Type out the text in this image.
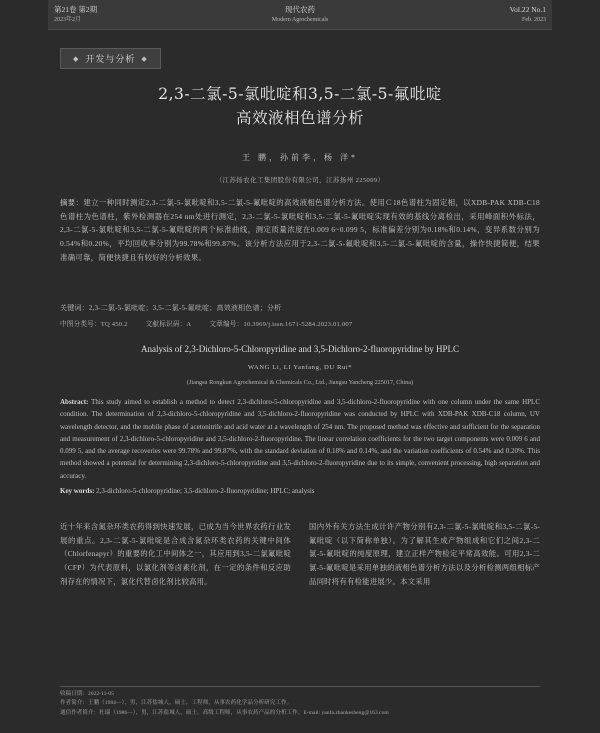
第21卷 第2期
2023年2月
现代农药
Modern Agrochemicals
Vol.22 No.1
Feb. 2023
◆ 开发与分析 ◆
2,3-二氯-5-氯吡啶和3,5-二氯-5-氟吡啶
高效液相色谱分析
王 鹏，孙前李，杨 洋*
（江苏扬农化工集团股份有限公司，江苏扬州 225009）
摘要：建立一种同时测定2,3-二氯-5-氯吡啶和3,5-二氯-5-氟吡啶的高效液相色谱分析方法。使用Ｃ18色谱柱为固定相，以XDB-PAK XDB-C18色谱柱为色谱柱，紫外检测器在254 nm处进行测定，2,3-二氯-5-氯吡啶和3,5-二氯-5-氟吡啶实现有效的基线分离检出，采用峰面积外标法，2,3-二氯-5-氯吡啶和3,5-二氯-5-氟吡啶的两个标准曲线，测定质量浓度在0.009 6~0.099 5，标准偏差分别为0.18%和0.14%，变异系数分别为0.54%和0.20%，平均回收率分别为99.78%和99.87%。该分析方法应用于2,3-二氯-5-氟吡啶和3,5-二氯-5-氟吡啶的含量，操作快捷简便，结果准确可靠，简便快捷且有较好的分析效果。
关键词：2,3-二氯-5-氯吡啶；3,5-二氯-5-氟吡啶；高效液相色谱；分析
中图分类号：TQ 450.2	文献标识码：A	文章编号：10.3969/j.issn.1671-5284.2023.01.007
Analysis of 2,3-Dichloro-5-Chloropyridine and 3,5-Dichloro-2-fluoropyridine by HPLC
WANG Li, LI Yanfang, DU Rui*
(Jiangsu Rongkun Agrochemical & Chemicals Co., Ltd., Jiangsu Yancheng 225017, China)
Abstract: This study aimed to establish a method to detect 2,3-dichloro-5-chloropyridine and 3,5-dichloro-2-fluoropyridine with one column under the same HPLC condition. The determination of 2,3-dichloro-5-chloropyridine and 3,5-dichloro-2-fluoropyridine was conducted by HPLC with XDB-PAK XDB-C18 column, UV wavelength detector, and the mobile phase of acetonitrile and acid water at a wavelength of 254 nm. The proposed method was effective and sufficient for the separation and measurement of 2,3-dichloro-5-chloropyridine and 3,5-dichloro-2-fluoropyridine. The linear correlation coefficients for the two target components were 0.009 6 and 0.099 5, and the average recoveries were 99.78% and 99.87%, with the standard deviation of 0.18% and 0.14%, and the variation coefficients of 0.54% and 0.20%. This method showed a potential for determining 2,3-dichloro-5-chloropyridine and 3,5-dichloro-2-fluoropyridine due to its simple, convenient processing, high separation and accuracy.
Key words: 2,3-dichloro-5-chloropyridine; 3,5-dichloro-2-fluoropyridine; HPLC; analysis
近十年来含氮杂环类农药得到快速发展，已成为当今世界农药行业发展的重点。2,3-二氯-5-氯吡啶是合成含氮杂环类农药的关键中间体（Chlorfenapyr）的重要的化工中间体之一，其应用到3,5-二氯氟吡啶（CFP）为代表原料，以氯化剂等卤素化剂，在一定的条件和反应助剂存在的情况下，氯化代替卤化剂比较高用。
国内外有关方法生成计许产物分别有2,3-二氯-5-氯吡啶和3,5-二氯-5-氟吡啶（以下简称单独）。为了解其生成产物组成和它们之间2,3-二氯-5-氟吡啶的纯度原理，建立正样产物检定平常高效能。可用2,3-二氯-5-氟吡啶是采用单独的液相色谱分析方法以及分析检测两组相标产品同时将有有检能进展少。本文采用
收稿日期：2022-11-05
作者简介：王鹏（1984—），男，江苏盐城人，硕士，工程师，从事农药化学品分析研究工作。
通信作者简介：杜瑞（1986—），男，江苏盐城人，硕士，高级工程师，从事农药产品的分析工作。E-mail: yanfa.zhankesheng@163.com
